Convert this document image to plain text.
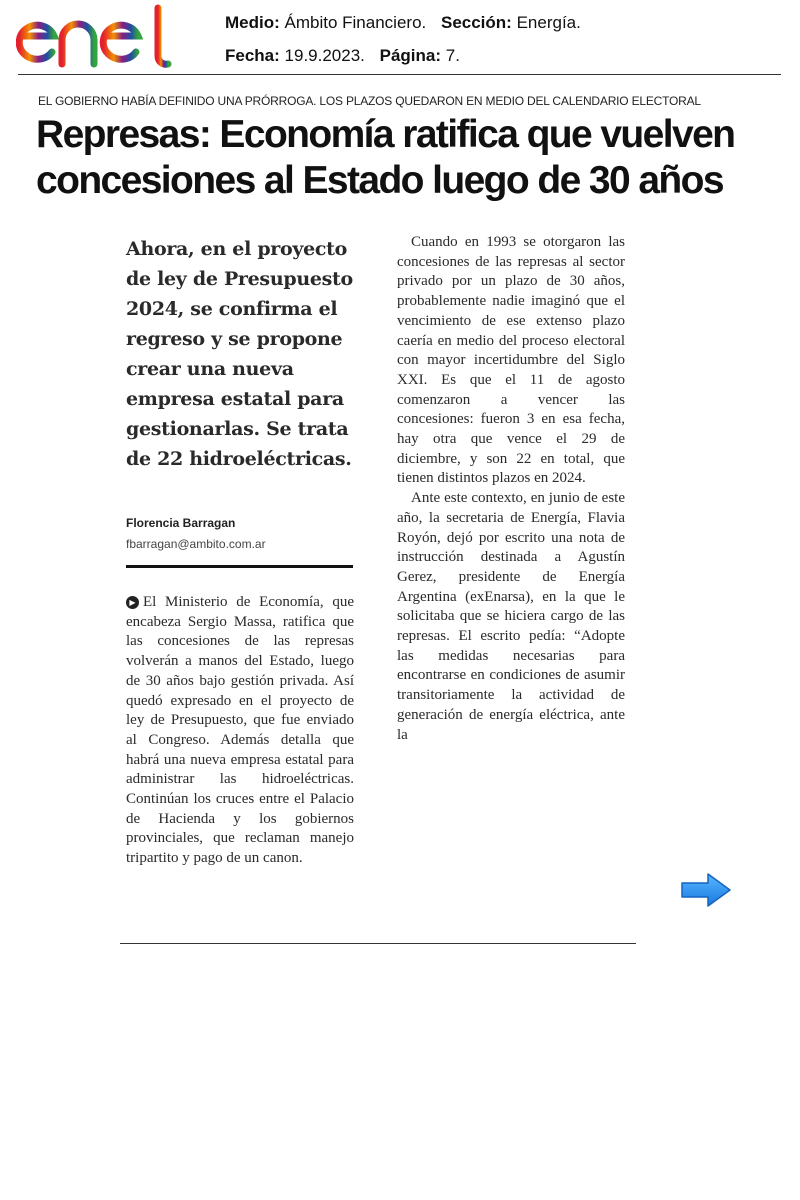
Medio: Ámbito Financiero. Sección: Energía.
Fecha: 19.9.2023. Página: 7.
EL GOBIERNO HABÍA DEFINIDO UNA PRÓRROGA. LOS PLAZOS QUEDARON EN MEDIO DEL CALENDARIO ELECTORAL
Represas: Economía ratifica que vuelven concesiones al Estado luego de 30 años

Ahora, en el proyecto de ley de Presupuesto 2024, se confirma el regreso y se propone crear una nueva empresa estatal para gestionarlas. Se trata de 22 hidroeléctricas.

Florencia Barragan
fbarragan@ambito.com.ar

▶ El Ministerio de Economía, que encabeza Sergio Massa, ratifica que las concesiones de las represas volverán a manos del Estado, luego de 30 años bajo gestión privada. Así quedó expresado en el proyecto de ley de Presupuesto, que fue enviado al Congreso. Además detalla que habrá una nueva empresa estatal para administrar las hidroeléctricas. Continúan los cruces entre el Palacio de Hacienda y los gobiernos provinciales, que reclaman manejo tripartito y pago de un canon.

Cuando en 1993 se otorgaron las concesiones de las represas al sector privado por un plazo de 30 años, probablemente nadie imaginó que el vencimiento de ese extenso plazo caería en medio del proceso electoral con mayor incertidumbre del Siglo XXI. Es que el 11 de agosto comenzaron a vencer las concesiones: fueron 3 en esa fecha, hay otra que vence el 29 de diciembre, y son 22 en total, que tienen distintos plazos en 2024.

Ante este contexto, en junio de este año, la secretaria de Energía, Flavia Royón, dejó por escrito una nota de instrucción destinada a Agustín Gerez, presidente de Energía Argentina (exEnarsa), en la que le solicitaba que se hiciera cargo de las represas. El escrito pedía: “Adopte las medidas necesarias para encontrarse en condiciones de asumir transitoriamente la actividad de generación de energía eléctrica, ante la
